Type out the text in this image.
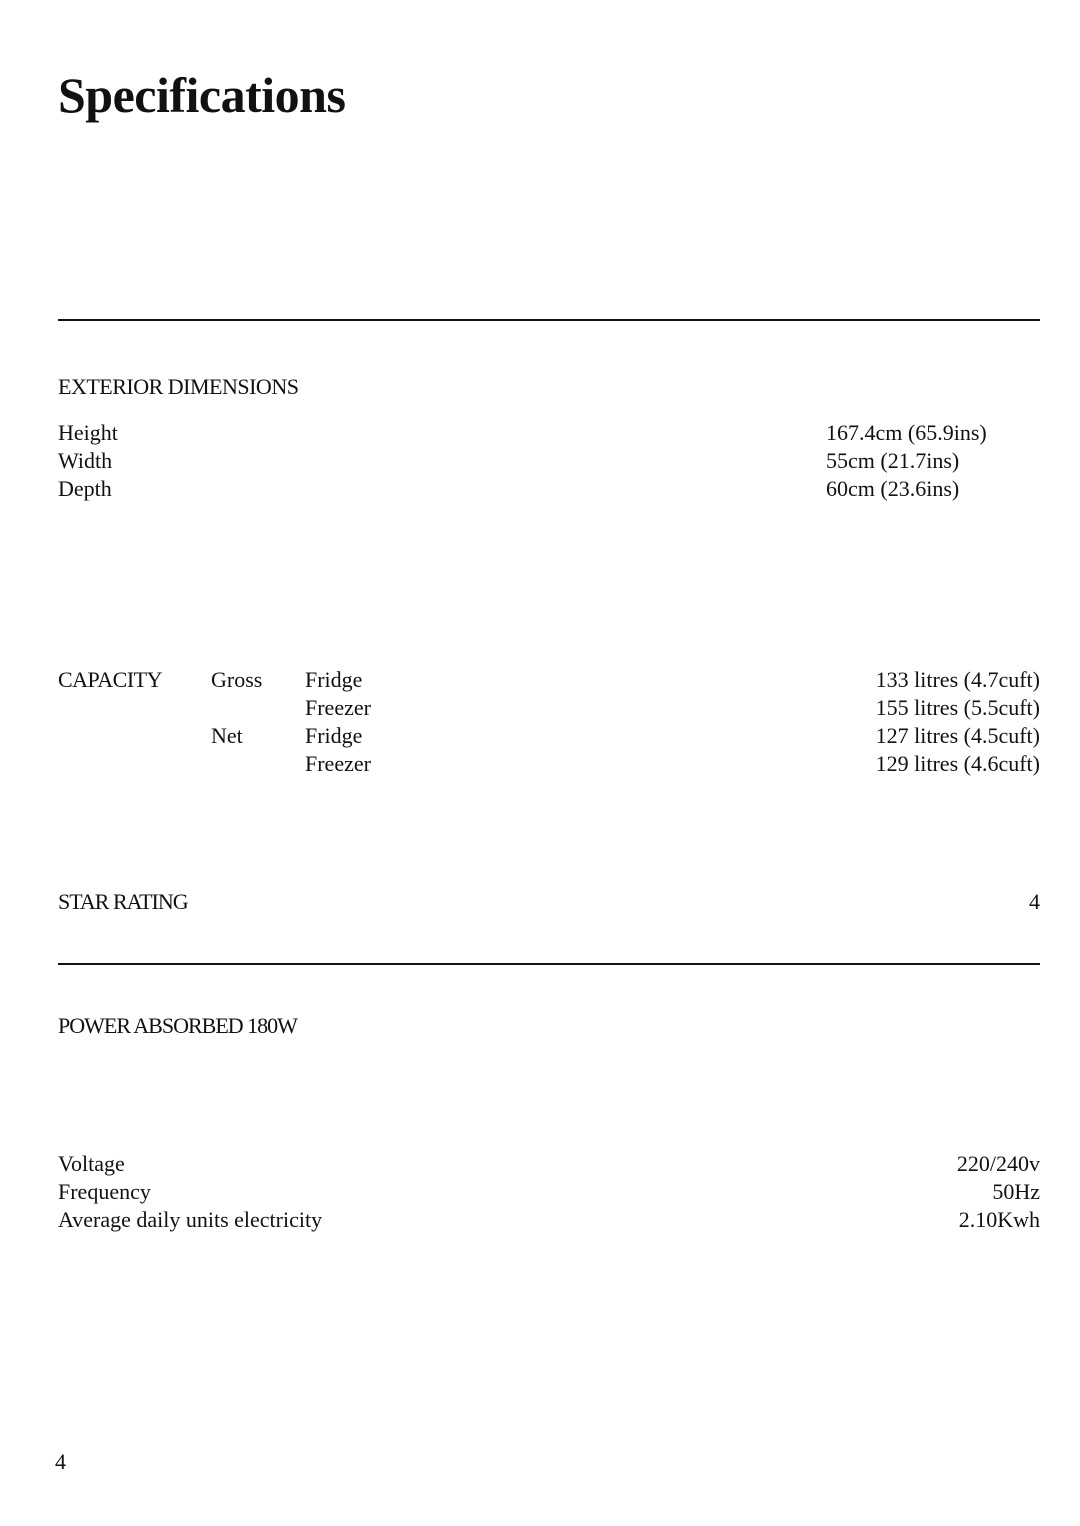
Specifications
EXTERIOR DIMENSIONS
Height
Width
Depth
167.4cm (65.9ins)
55cm (21.7ins)
60cm (23.6ins)
CAPACITY Gross
Net
Fridge
Freezer
Fridge
Freezer
133 litres (4.7cuft)
155 litres (5.5cuft)
127 litres (4.5cuft)
129 litres (4.6cuft)
STAR RATING	4
POWER ABSORBED 180W
Voltage
Frequency
Average daily units electricity
220/240v
50Hz
2.10Kwh
4
